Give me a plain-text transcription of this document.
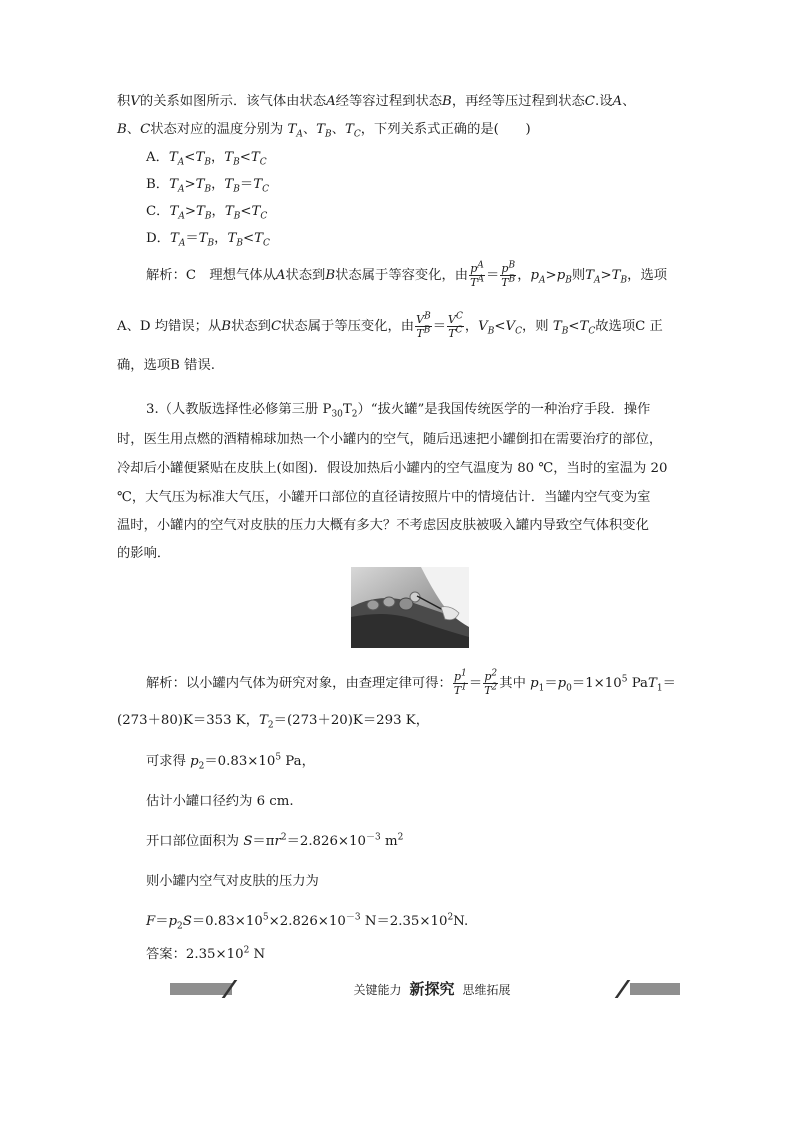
积V的关系如图所示．该气体由状态A经等容过程到状态B，再经等压过程到状态C.设A、
B、C状态对应的温度分别为 $T_A$、$T_B$、$T_C$，下列关系式正确的是(　　)
A．$T_A<T_B$，$T_B<T_C$
B．$T_A>T_B$，$T_B=T_C$
C．$T_A>T_B$，$T_B<T_C$
D．$T_A=T_B$，$T_B<T_C$
解析：C　理想气体从A状态到B状态属于等容变化，由 $\frac{p^A}{T^A} = \frac{p^B}{T^B}$ ，$p_A>p_B$则$T_A>T_B$，选项
A、D 均错误；从B状态到C状态属于等压变化，由 $\frac{V^B}{T^B} = \frac{V^C}{T^C}$ ，$V_B<V_C$，则 $T_B<T_C$故选项C 正
确，选项B 错误.
3.（人教版选择性必修第三册 $P_{30}T_2)“$拔火罐”是我国传统医学的一种治疗手段．操作
时，医生用点燃的酒精棉球加热一个小罐内的空气，随后迅速把小罐倒扣在需要治疗的部位，
冷却后小罐便紧贴在皮肤上(如图)．假设加热后小罐内的空气温度为 80 ℃，当时的室温为 20
℃，大气压为标准大气压，小罐开口部位的直径请按照片中的情境估计．当罐内空气变为室
温时，小罐内的空气对皮肤的压力大概有多大？不考虑因皮肤被吸入罐内导致空气体积变化
的影响．
解析：以小罐内气体为研究对象，由查理定律可得： $\frac{p^1}{T^1} = \frac{p^2}{T^2}$ 其中 $p_1=p_0=1\times 10^5$ PaT$_1$＝
(273＋80)K＝353 K，$T_2=(273+20)K=293$ K，
可求得 $p_2=0.83\times 10^5$ Pa，
估计小罐口径约为 6 cm.
开口部位面积为 $S=\pi r^2=2.826\times 10^{-3}$ $m^2$
则小罐内空气对皮肤的压力为
$F=p_2S=0.83\times 10^5\times 2.826\times 10^{-3}$ $N=2.35\times 10^2N$.
答案：$2.35\times 10^2$ N
关键能力 新探究 思维拓展
